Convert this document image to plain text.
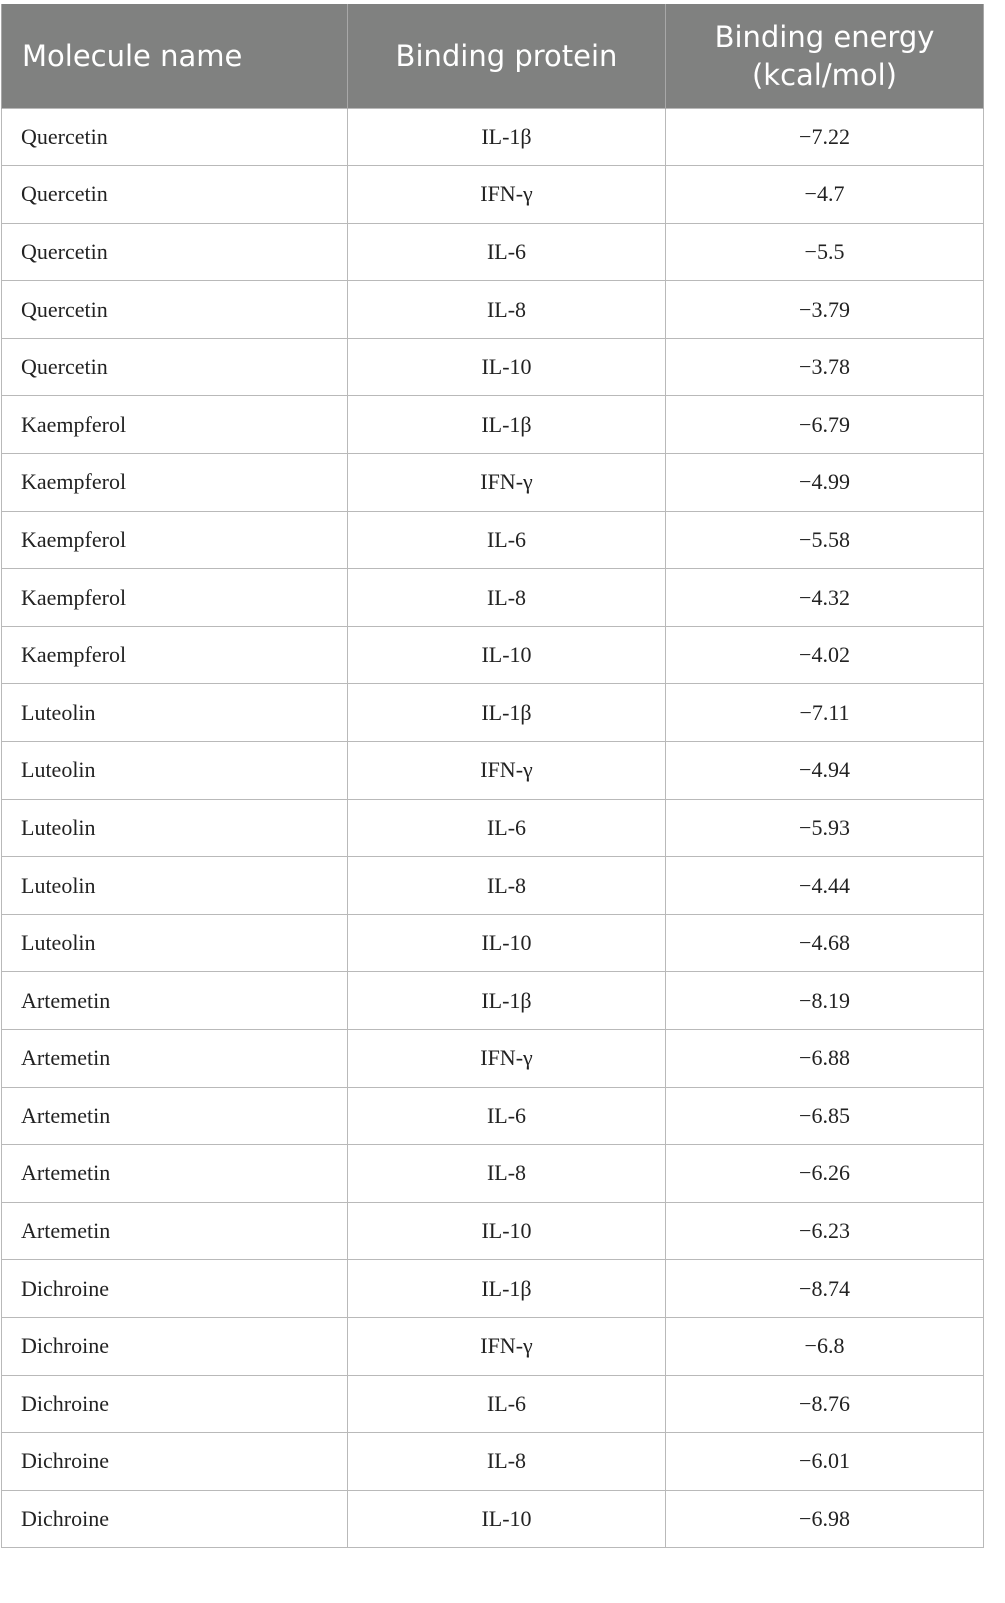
Molecule name	Binding protein	Binding energy
(kcal/mol)
Quercetin	IL-1β	−7.22
Quercetin	IFN-γ	−4.7
Quercetin	IL-6	−5.5
Quercetin	IL-8	−3.79
Quercetin	IL-10	−3.78
Kaempferol	IL-1β	−6.79
Kaempferol	IFN-γ	−4.99
Kaempferol	IL-6	−5.58
Kaempferol	IL-8	−4.32
Kaempferol	IL-10	−4.02
Luteolin	IL-1β	−7.11
Luteolin	IFN-γ	−4.94
Luteolin	IL-6	−5.93
Luteolin	IL-8	−4.44
Luteolin	IL-10	−4.68
Artemetin	IL-1β	−8.19
Artemetin	IFN-γ	−6.88
Artemetin	IL-6	−6.85
Artemetin	IL-8	−6.26
Artemetin	IL-10	−6.23
Dichroine	IL-1β	−8.74
Dichroine	IFN-γ	−6.8
Dichroine	IL-6	−8.76
Dichroine	IL-8	−6.01
Dichroine	IL-10	−6.98
